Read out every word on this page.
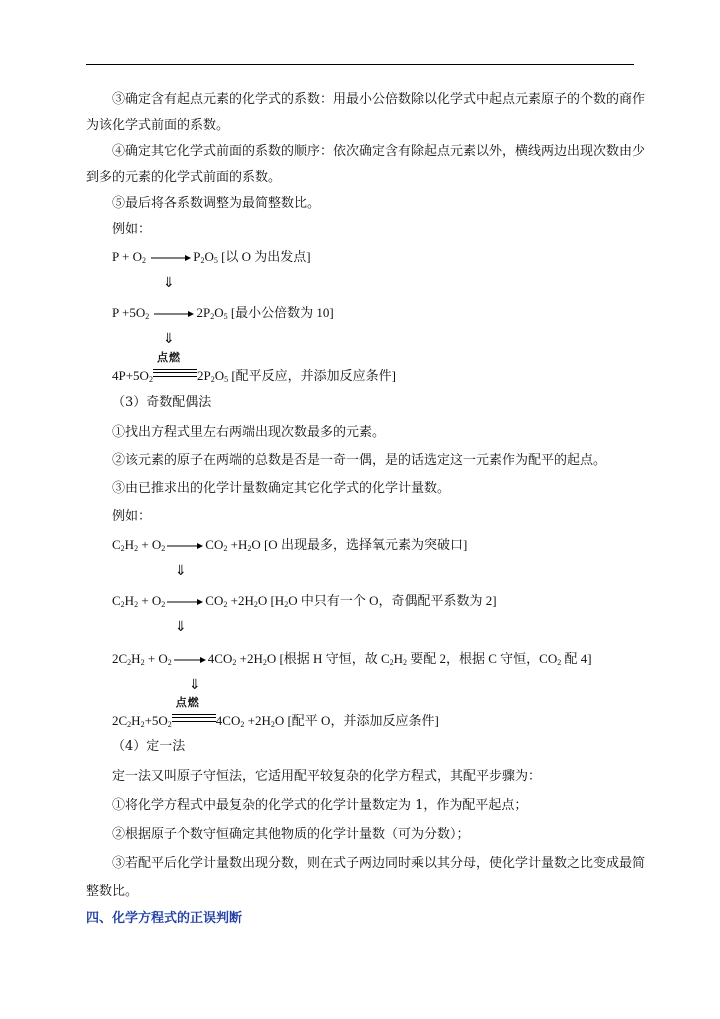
③确定含有起点元素的化学式的系数：用最小公倍数除以化学式中起点元素原子的个数的商作
为该化学式前面的系数。
④确定其它化学式前面的系数的顺序：依次确定含有除起点元素以外，横线两边出现次数由少
到多的元素的化学式前面的系数。
⑤最后将各系数调整为最简整数比。
例如：
$P + O_2$	$P_2O_5$ [以 O 为出发点]
⇓
$P +5O_2$	$2P_2O_5$ [最小公倍数为 10]
⇓
$4P+5O_2$
点燃
$2P_2O_5$ [配平反应，并添加反应条件]
（3）奇数配偶法
①找出方程式里左右两端出现次数最多的元素。
②该元素的原子在两端的总数是否是一奇一偶，是的话选定这一元素作为配平的起点。
③由已推求出的化学计量数确定其它化学式的化学计量数。
例如：
$C_2H_2 + O_2$	$CO_2 +H_2O$ [O 出现最多，选择氧元素为突破口]
⇓
$C_2H_2 + O_2$	$CO_2 +2H_2O$ [$H_2O$ 中只有一个 O，奇偶配平系数为 2]
⇓
$2C_2H_2 + O_2$	$4CO_2 +2H_2O$ [根据 H 守恒，故 $C_2H_2$ 要配 2，根据 C 守恒，$CO_2$ 配 4]
⇓
$2C_2H_2+5O_2$
点燃
$4CO_2 +2H_2O$ [配平 O，并添加反应条件]
（4）定一法
定一法又叫原子守恒法，它适用配平较复杂的化学方程式，其配平步骤为：
①将化学方程式中最复杂的化学式的化学计量数定为 1，作为配平起点；
②根据原子个数守恒确定其他物质的化学计量数（可为分数）；
③若配平后化学计量数出现分数，则在式子两边同时乘以其分母，使化学计量数之比变成最简
整数比。
四、化学方程式的正误判断
